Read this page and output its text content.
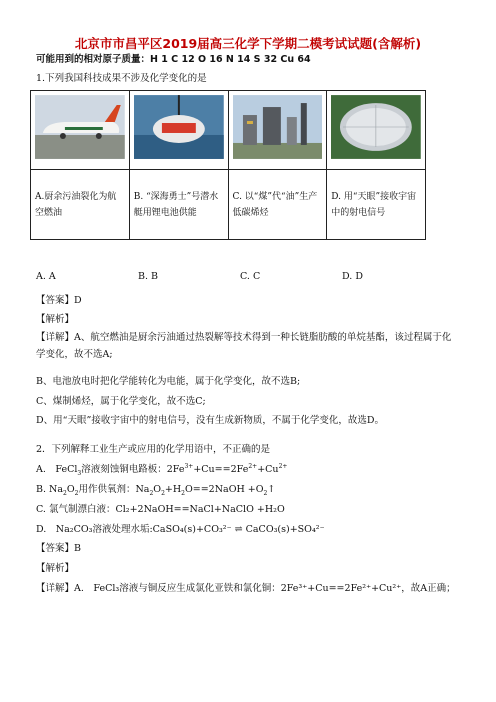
北京市市昌平区2019届高三化学下学期二模考试试题(含解析)
可能用到的相对原子质量：H 1 C 12 O 16 N 14 S 32 Cu 64
1.下列我国科技成果不涉及化学变化的是

A.厨余污油裂化为航空燃油	B. “深海勇士”号潜水艇用锂电池供能	C. 以“煤”代“油”生产低碳烯烃	D. 用“天眼”接收宇宙中的射电信号
A. A	B. B	C. C	D. D
【答案】D
【解析】
【详解】A、航空燃油是厨余污油通过热裂解等技术得到一种长链脂肪酸的单烷基酯，该过程属于化学变化，故不选A;
B、电池放电时把化学能转化为电能，属于化学变化，故不选B;
C、煤制烯烃，属于化学变化，故不选C;
D、用“天眼”接收宇宙中的射电信号，没有生成新物质，不属于化学变化，故选D。
2．下列解释工业生产或应用的化学用语中，不正确的是
A.　FeCl$_3$溶液刻蚀铜电路板：$2Fe^{3+}+Cu==2Fe^{2+}+Cu^{2+}$
B. $Na_2O_2$用作供氧剂：$Na_2O_2+H_2O==2NaOH$ $+O_2↑$
C. 氯气制漂白液：Cl₂+2NaOH==NaCl+NaClO +H₂O
D.　Na₂CO₃溶液处理水垢:CaSO₄(s)+CO₃²⁻ ⇌ CaCO₃(s)+SO₄²⁻
【答案】B
【解析】
【详解】A.　FeCl₃溶液与铜反应生成氯化亚铁和氯化铜：2Fe³⁺+Cu==2Fe²⁺+Cu²⁺，故A正确；
